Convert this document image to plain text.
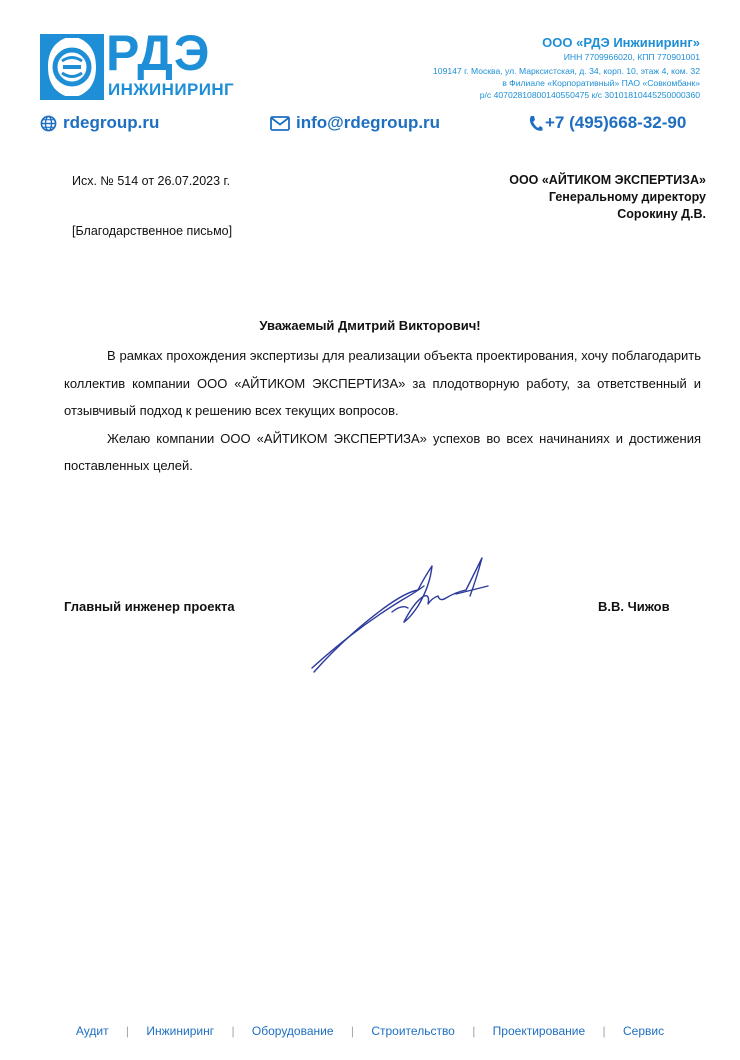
РДЭ
ИНЖИНИРИНГ
ООО «РДЭ Инжиниринг»
ИНН 7709966020, КПП 770901001
109147 г. Москва, ул. Марксистская, д. 34, корп. 10, этаж 4, ком. 32
в Филиале «Корпоративный» ПАО «Совкомбанк»
р/с 40702810800140550475 к/с 30101810445250000360
rdegroup.ru	info@rdegroup.ru	+7 (495)668-32-90
Исх. № 514 от 26.07.2023 г.
[Благодарственное письмо]
ООО «АЙТИКОМ ЭКСПЕРТИЗА»
Генеральному директору
Сорокину Д.В.
Уважаемый Дмитрий Викторович!

В рамках прохождения экспертизы для реализации объекта проектирования, хочу поблагодарить коллектив компании ООО «АЙТИКОМ ЭКСПЕРТИЗА» за плодотворную работу, за ответственный и отзывчивый подход к решению всех текущих вопросов.

Желаю компании ООО «АЙТИКОМ ЭКСПЕРТИЗА» успехов во всех начинаниях и достижения поставленных целей.

Главный инженер проекта	В.В. Чижов
Аудит | Инжиниринг | Оборудование | Строительство | Проектирование | Сервис
